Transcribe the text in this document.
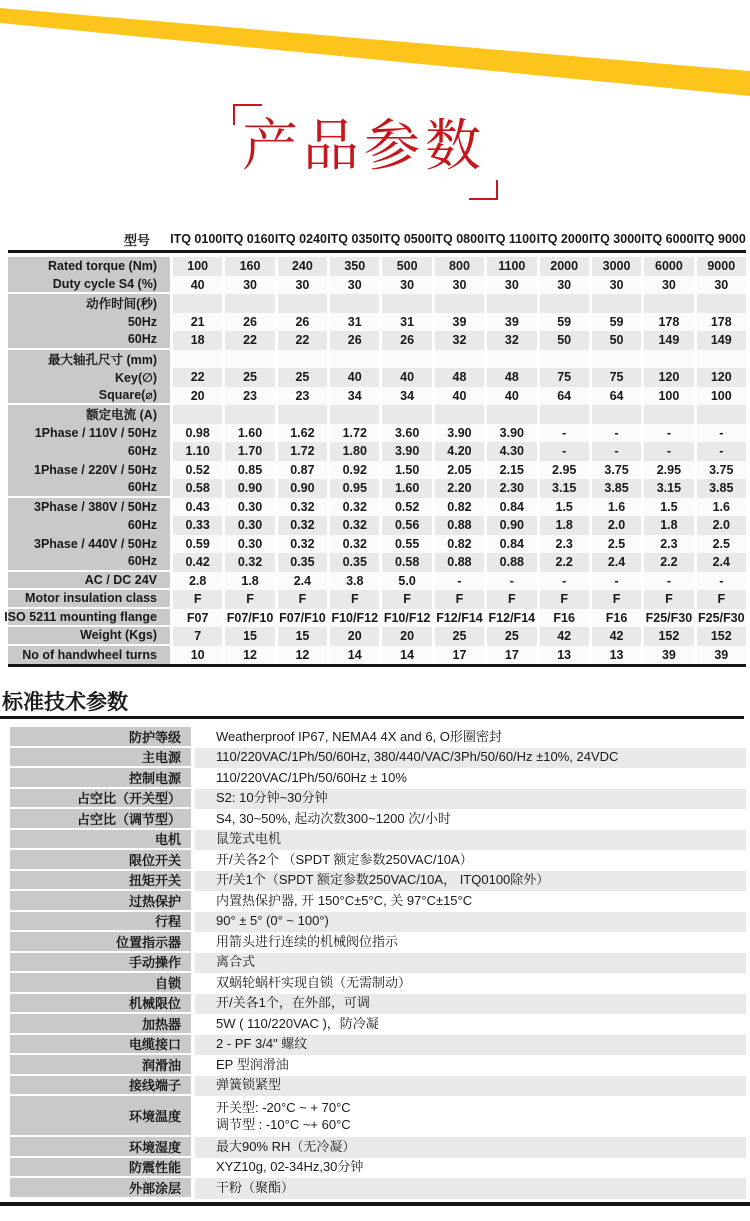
产品参数
型号	ITQ 0100 ITQ 0160 ITQ 0240 ITQ 0350 ITQ 0500 ITQ 0800 ITQ 1100 ITQ 2000 ITQ 3000 ITQ 6000 ITQ 9000
Rated torque (Nm)	100	160	240	350	500	800	1100	2000	3000	6000	9000
Duty cycle S4 (%)	40	30	30	30	30	30	30	30	30	30	30
动作时间(秒)
50Hz	21	26	26	31	31	39	39	59	59	178	178
60Hz	18	22	22	26	26	32	32	50	50	149	149
最大轴孔尺寸 (mm)
Key(∅)	22	25	25	40	40	48	48	75	75	120	120
Square(⌀)	20	23	23	34	34	40	40	64	64	100	100
额定电流 (A)
1Phase / 110V / 50Hz	0.98	1.60	1.62	1.72	3.60	3.90	3.90	-	-	-	-
60Hz	1.10	1.70	1.72	1.80	3.90	4.20	4.30	-	-	-	-
1Phase / 220V / 50Hz	0.52	0.85	0.87	0.92	1.50	2.05	2.15	2.95	3.75	2.95	3.75
60Hz	0.58	0.90	0.90	0.95	1.60	2.20	2.30	3.15	3.85	3.15	3.85
3Phase / 380V / 50Hz	0.43	0.30	0.32	0.32	0.52	0.82	0.84	1.5	1.6	1.5	1.6
60Hz	0.33	0.30	0.32	0.32	0.56	0.88	0.90	1.8	2.0	1.8	2.0
3Phase / 440V / 50Hz	0.59	0.30	0.32	0.32	0.55	0.82	0.84	2.3	2.5	2.3	2.5
60Hz	0.42	0.32	0.35	0.35	0.58	0.88	0.88	2.2	2.4	2.2	2.4
AC / DC 24V	2.8	1.8	2.4	3.8	5.0	-	-	-	-	-	-
Motor insulation class	F	F	F	F	F	F	F	F	F	F	F
ISO 5211 mounting flange	F07	F07/F10 F07/F10 F10/F12 F10/F12 F12/F14 F12/F14	F16	F16	F25/F30 F25/F30
Weight (Kgs)	7	15	15	20	20	25	25	42	42	152	152
No of handwheel turns	10	12	12	14	14	17	17	13	13	39	39
标准技术参数
防护等级	Weatherproof IP67, NEMA4 4X and 6, O形圈密封
主电源	110/220VAC/1Ph/50/60Hz, 380/440/VAC/3Ph/50/60/Hz ±10%, 24VDC
控制电源	110/220VAC/1Ph/50/60Hz ± 10%
占空比（开关型）	S2: 10分钟~30分钟
占空比（调节型）	S4, 30~50%, 起动次数300~1200 次/小时
电机	鼠笼式电机
限位开关	开/关各2个 （SPDT 额定参数250VAC/10A）
扭矩开关	开/关1个（SPDT 额定参数250VAC/10A， ITQ0100除外）
过热保护	内置热保护器, 开 150°C±5°C, 关 97°C±15°C
行程	90° ± 5° (0° ~ 100°)
位置指示器	用箭头进行连续的机械阀位指示
手动操作	离合式
自锁	双蜗轮蜗杆实现自锁（无需制动）
机械限位	开/关各1个，在外部，可调
加热器	5W ( 110/220VAC )，防冷凝
电缆接口	2 - PF 3/4" 螺纹
润滑油	EP 型润滑油
接线端子	弹簧锁紧型
环境温度
开关型: -20°C ~ + 70°C
调节型 : -10°C ~+ 60°C
环境湿度	最大90% RH（无冷凝）
防震性能	XYZ10g, 02-34Hz,30分钟
外部涂层	干粉（聚酯）
